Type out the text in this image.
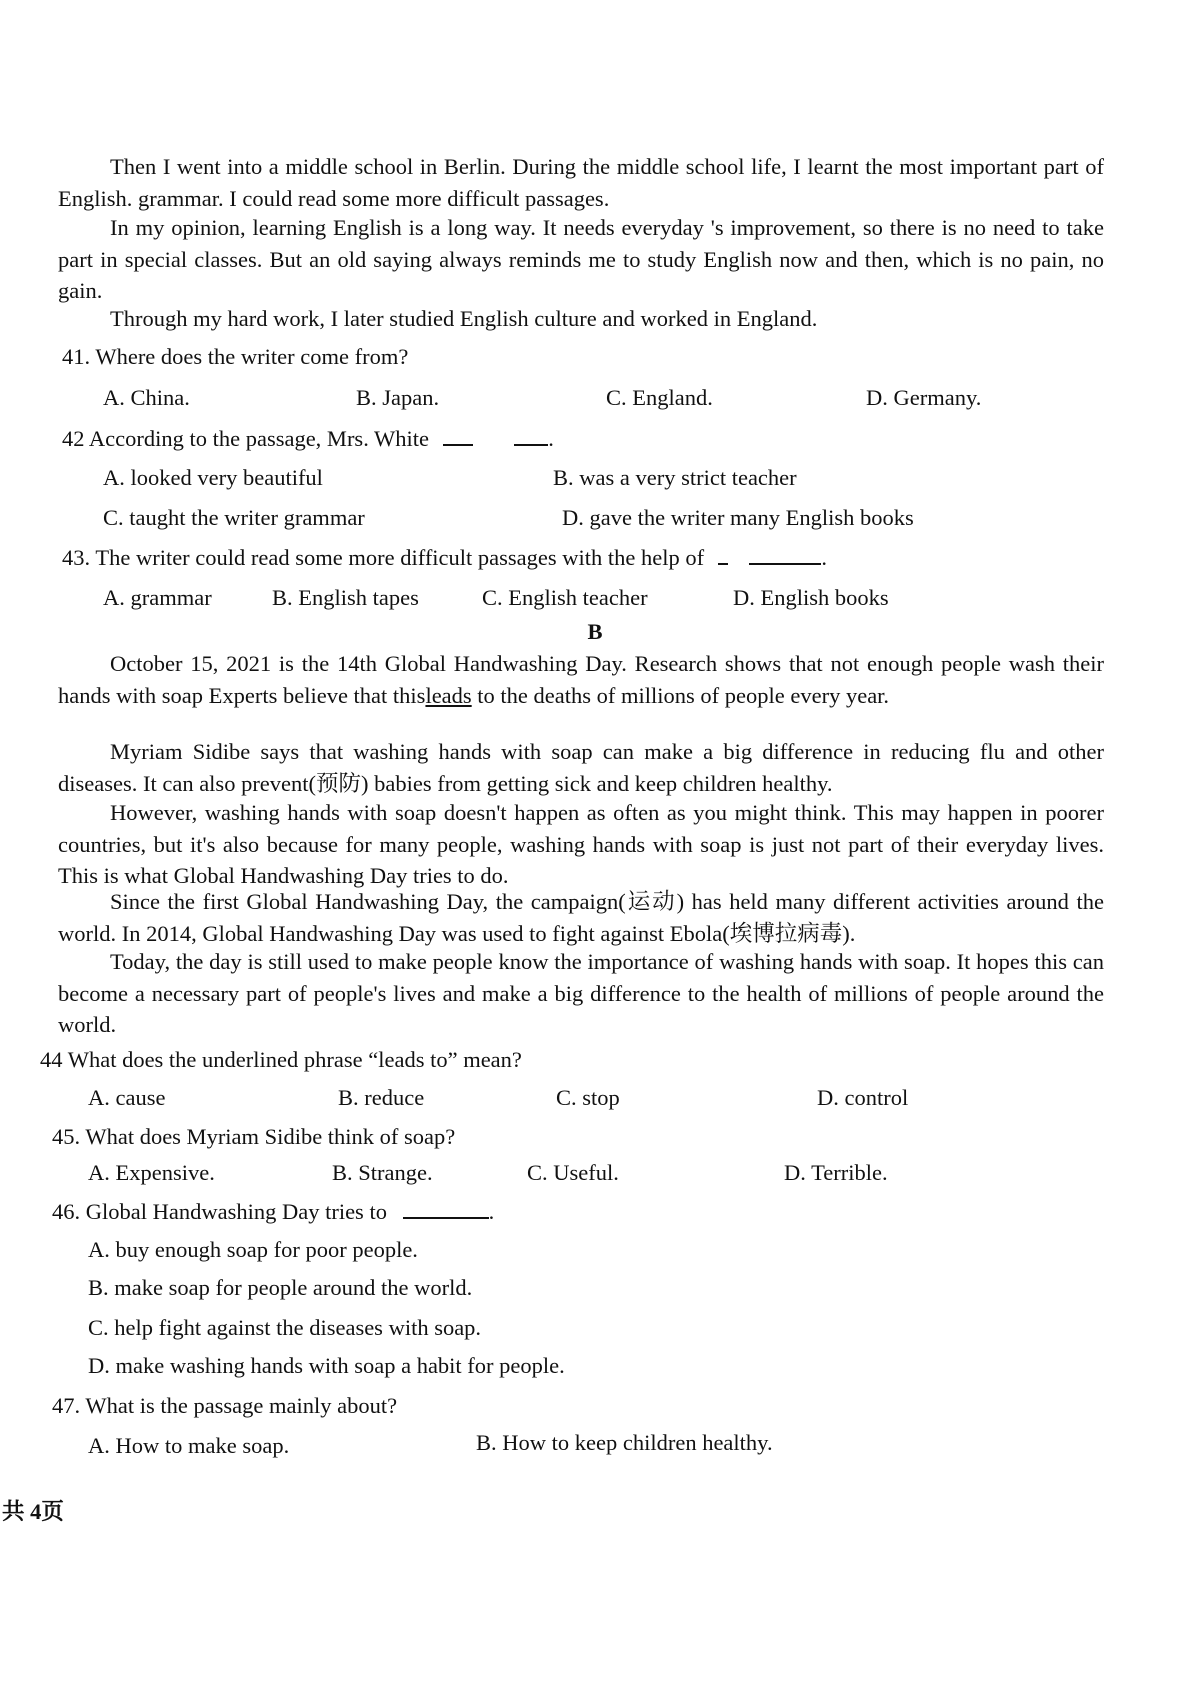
Then I went into a middle school in Berlin. During the middle school life, I learnt the most important part of English. grammar. I could read some more difficult passages.

In my opinion, learning English is a long way. It needs everyday 's improvement, so there is no need to take part in special classes. But an old saying always reminds me to study English now and then, which is no pain, no gain.

Through my hard work, I later studied English culture and worked in England.

41. Where does the writer come from?
A. China.	B. Japan.	C. England.	D. Germany.
42 According to the passage, Mrs. White	.
A. looked very beautiful	B. was a very strict teacher
C. taught the writer grammar	D. gave the writer many English books
43. The writer could read some more difficult passages with the help of	.
A. grammar	B. English tapes	C. English teacher	D. English books
B

October 15, 2021 is the 14th Global Handwashing Day. Research shows that not enough people wash their hands with soap Experts believe that thisleads to the deaths of millions of people every year.

Myriam Sidibe says that washing hands with soap can make a big difference in reducing flu and other diseases. It can also prevent(预防) babies from getting sick and keep children healthy.

However, washing hands with soap doesn't happen as often as you might think. This may happen in poorer countries, but it's also because for many people, washing hands with soap is just not part of their everyday lives. This is what Global Handwashing Day tries to do.

Since the first Global Handwashing Day, the campaign(运动) has held many different activities around the world. In 2014, Global Handwashing Day was used to fight against Ebola(埃博拉病毒).

Today, the day is still used to make people know the importance of washing hands with soap. It hopes this can become a necessary part of people's lives and make a big difference to the health of millions of people around the world.

44 What does the underlined phrase “leads to” mean?
A. cause	B. reduce	C. stop	D. control
45. What does Myriam Sidibe think of soap?
A. Expensive.	B. Strange.	C. Useful.	D. Terrible.
46. Global Handwashing Day tries to	.
A. buy enough soap for poor people.
B. make soap for people around the world.
C. help fight against the diseases with soap.
D. make washing hands with soap a habit for people.
47. What is the passage mainly about?
A. How to make soap.	B. How to keep children healthy.
共 4页
